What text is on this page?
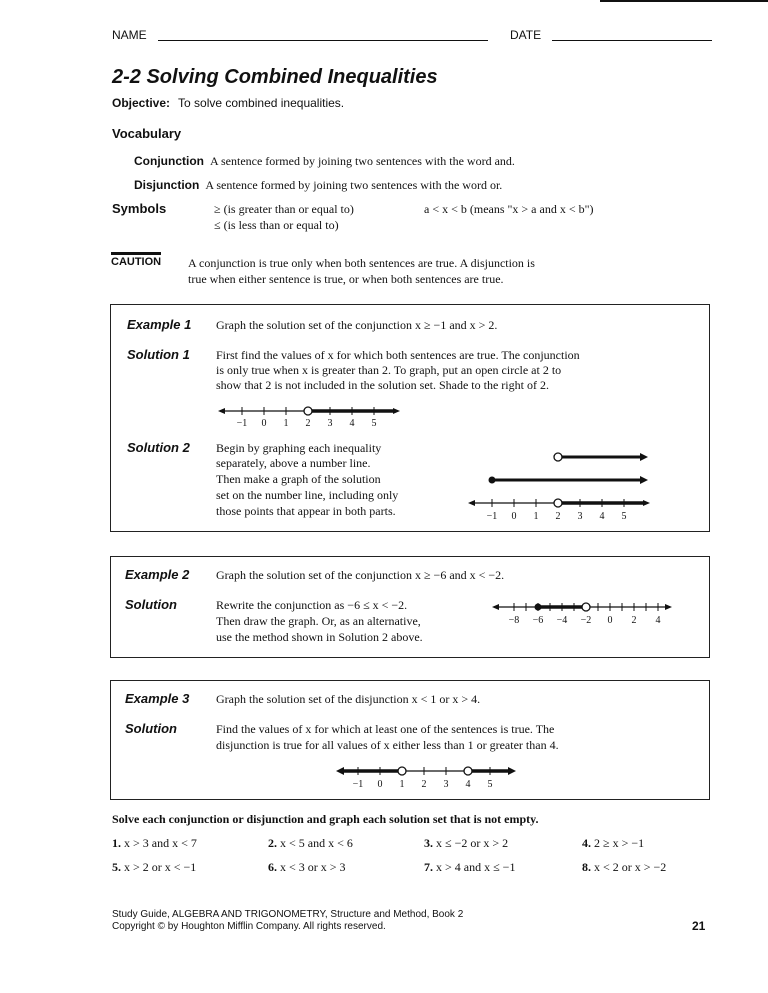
NAME	DATE
2-2 Solving Combined Inequalities
Objective: To solve combined inequalities.
Vocabulary
Conjunction A sentence formed by joining two sentences with the word and.
Disjunction A sentence formed by joining two sentences with the word or.
Symbols	≥ (is greater than or equal to)
≤ (is less than or equal to)
a < x < b (means "x > a and x < b")
CAUTION A conjunction is true only when both sentences are true. A disjunction is
true when either sentence is true, or when both sentences are true.
Example 1 Graph the solution set of the conjunction x ≥ −1 and x > 2.
Solution 1 First find the values of x for which both sentences are true. The conjunction
is only true when x is greater than 2. To graph, put an open circle at 2 to
show that 2 is not included in the solution set. Shade to the right of 2.
−1 0 1 2 3 4 5
Solution 2 Begin by graphing each inequality
separately, above a number line.
Then make a graph of the solution
set on the number line, including only
those points that appear in both parts.	−1 0 1 2 3 4 5
Example 2 Graph the solution set of the conjunction x ≥ −6 and x < −2.
Solution	Rewrite the conjunction as −6 ≤ x < −2.
Then draw the graph. Or, as an alternative,
use the method shown in Solution 2 above.
−8 −6 −4 −2 0 2 4
Example 3 Graph the solution set of the disjunction x < 1 or x > 4.
Solution	Find the values of x for which at least one of the sentences is true. The
disjunction is true for all values of x either less than 1 or greater than 4.
−1 0 1 2 3 4 5
Solve each conjunction or disjunction and graph each solution set that is not empty.
1. x > 3 and x < 7	2. x < 5 and x < 6	3. x ≤ −2 or x > 2	4. 2 ≥ x > −1
5. x > 2 or x < −1	6. x < 3 or x > 3	7. x > 4 and x ≤ −1	8. x < 2 or x > −2
Study Guide, ALGEBRA AND TRIGONOMETRY, Structure and Method, Book 2
Copyright © by Houghton Mifflin Company. All rights reserved.	21
